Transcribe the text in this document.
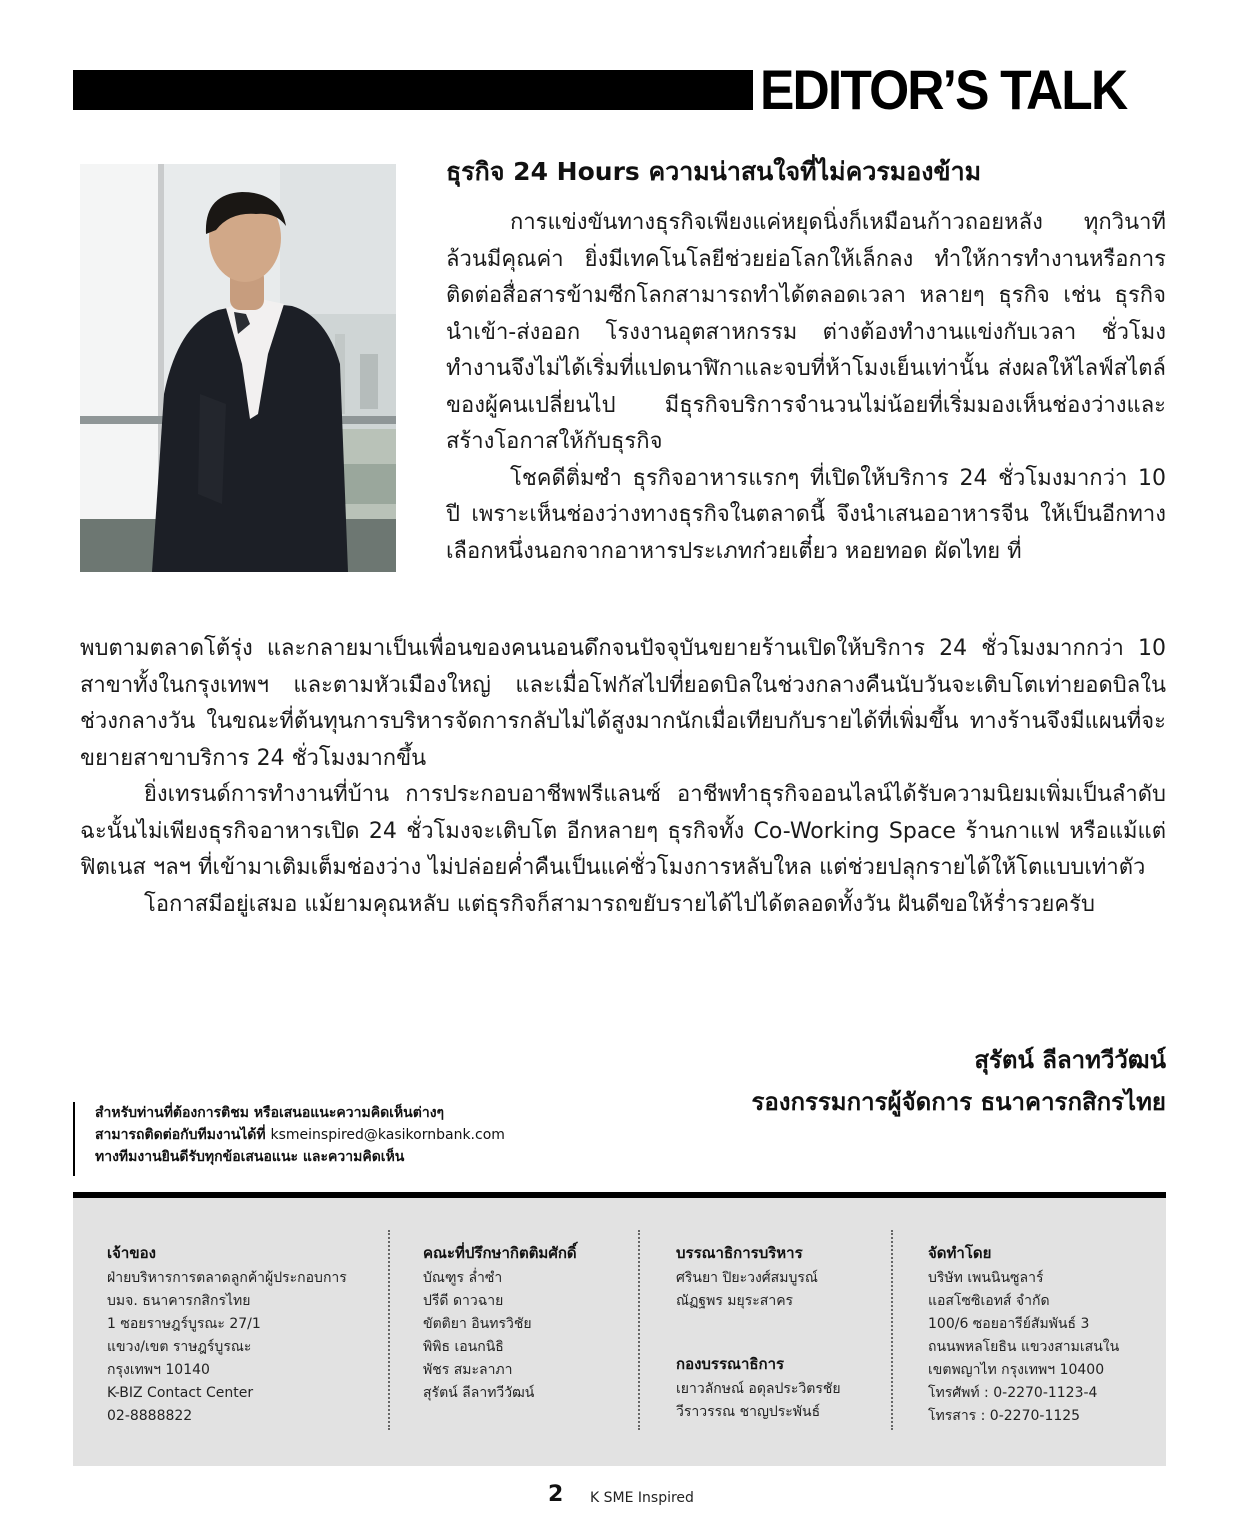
EDITOR’S TALK
ธุรกิจ 24 Hours ความน่าสนใจที่ไม่ควรมองข้าม

การแข่งขันทางธุรกิจเพียงแค่หยุดนิ่งก็เหมือนก้าวถอยหลัง ทุกวินาทีล้วนมีคุณค่า ยิ่งมีเทคโนโลยีช่วยย่อโลกให้เล็กลง ทำให้การทำงานหรือการติดต่อสื่อสารข้ามซีกโลกสามารถทำได้ตลอดเวลา หลายๆ ธุรกิจ เช่น ธุรกิจนำเข้า-ส่งออก โรงงานอุตสาหกรรม ต่างต้องทำงานแข่งกับเวลา ชั่วโมงทำงานจึงไม่ได้เริ่มที่แปดนาฬิกาและจบที่ห้าโมงเย็นเท่านั้น ส่งผลให้ไลฟ์สไตล์ของผู้คนเปลี่ยนไป มีธุรกิจบริการจำนวนไม่น้อยที่เริ่มมองเห็นช่องว่างและสร้างโอกาสให้กับธุรกิจ

โชคดีติ่มซำ ธุรกิจอาหารแรกๆ ที่เปิดให้บริการ 24 ชั่วโมงมากว่า 10 ปี เพราะเห็นช่องว่างทางธุรกิจในตลาดนี้ จึงนำเสนออาหารจีน ให้เป็นอีกทางเลือกหนึ่งนอกจากอาหารประเภทก๋วยเตี๋ยว หอยทอด ผัดไทย ที่

พบตามตลาดโต้รุ่ง และกลายมาเป็นเพื่อนของคนนอนดึกจนปัจจุบันขยายร้านเปิดให้บริการ 24 ชั่วโมงมากกว่า 10 สาขาทั้งในกรุงเทพฯ และตามหัวเมืองใหญ่ และเมื่อโฟกัสไปที่ยอดบิลในช่วงกลางคืนนับวันจะเติบโตเท่ายอดบิลในช่วงกลางวัน ในขณะที่ต้นทุนการบริหารจัดการกลับไม่ได้สูงมากนักเมื่อเทียบกับรายได้ที่เพิ่มขึ้น ทางร้านจึงมีแผนที่จะขยายสาขาบริการ 24 ชั่วโมงมากขึ้น

ยิ่งเทรนด์การทำงานที่บ้าน การประกอบอาชีพฟรีแลนซ์ อาชีพทำธุรกิจออนไลน์ได้รับความนิยมเพิ่มเป็นลำดับ ฉะนั้นไม่เพียงธุรกิจอาหารเปิด 24 ชั่วโมงจะเติบโต อีกหลายๆ ธุรกิจทั้ง Co-Working Space ร้านกาแฟ หรือแม้แต่ฟิตเนส ฯลฯ ที่เข้ามาเติมเต็มช่องว่าง ไม่ปล่อยค่ำคืนเป็นแค่ชั่วโมงการหลับใหล แต่ช่วยปลุกรายได้ให้โตแบบเท่าตัว

โอกาสมีอยู่เสมอ แม้ยามคุณหลับ แต่ธุรกิจก็สามารถขยับรายได้ไปได้ตลอดทั้งวัน ฝันดีขอให้ร่ำรวยครับ

สุรัตน์ ลีลาทวีวัฒน์
รองกรรมการผู้จัดการ ธนาคารกสิกรไทย
สำหรับท่านที่ต้องการติชม หรือเสนอแนะความคิดเห็นต่างๆ
สามารถติดต่อกับทีมงานได้ที่ ksmeinspired@kasikornbank.com
ทางทีมงานยินดีรับทุกข้อเสนอแนะ และความคิดเห็น
เจ้าของ
ฝ่ายบริหารการตลาดลูกค้าผู้ประกอบการ
บมจ. ธนาคารกสิกรไทย
1 ซอยราษฎร์บูรณะ 27/1
แขวง/เขต ราษฎร์บูรณะ
กรุงเทพฯ 10140
K-BIZ Contact Center
02-8888822
คณะที่ปรึกษากิตติมศักดิ์
บัณฑูร ล่ำซำ
ปรีดี ดาวฉาย
ขัตติยา อินทรวิชัย
พิพิธ เอนกนิธิ
พัชร สมะลาภา
สุรัตน์ ลีลาทวีวัฒน์
บรรณาธิการบริหาร
ศรินยา ปิยะวงศ์สมบูรณ์
ณัฏฐพร มยุระสาคร
กองบรรณาธิการ
เยาวลักษณ์ อดุลประวิตรชัย
วีราวรรณ ชาญประพันธ์
จัดทำโดย
บริษัท เพนนินซูลาร์
แอสโซซิเอทส์ จำกัด
100/6 ซอยอารีย์สัมพันธ์ 3
ถนนพหลโยธิน แขวงสามเสนใน
เขตพญาไท กรุงเทพฯ 10400
โทรศัพท์ : 0-2270-1123-4
โทรสาร : 0-2270-1125
2 K SME Inspired
